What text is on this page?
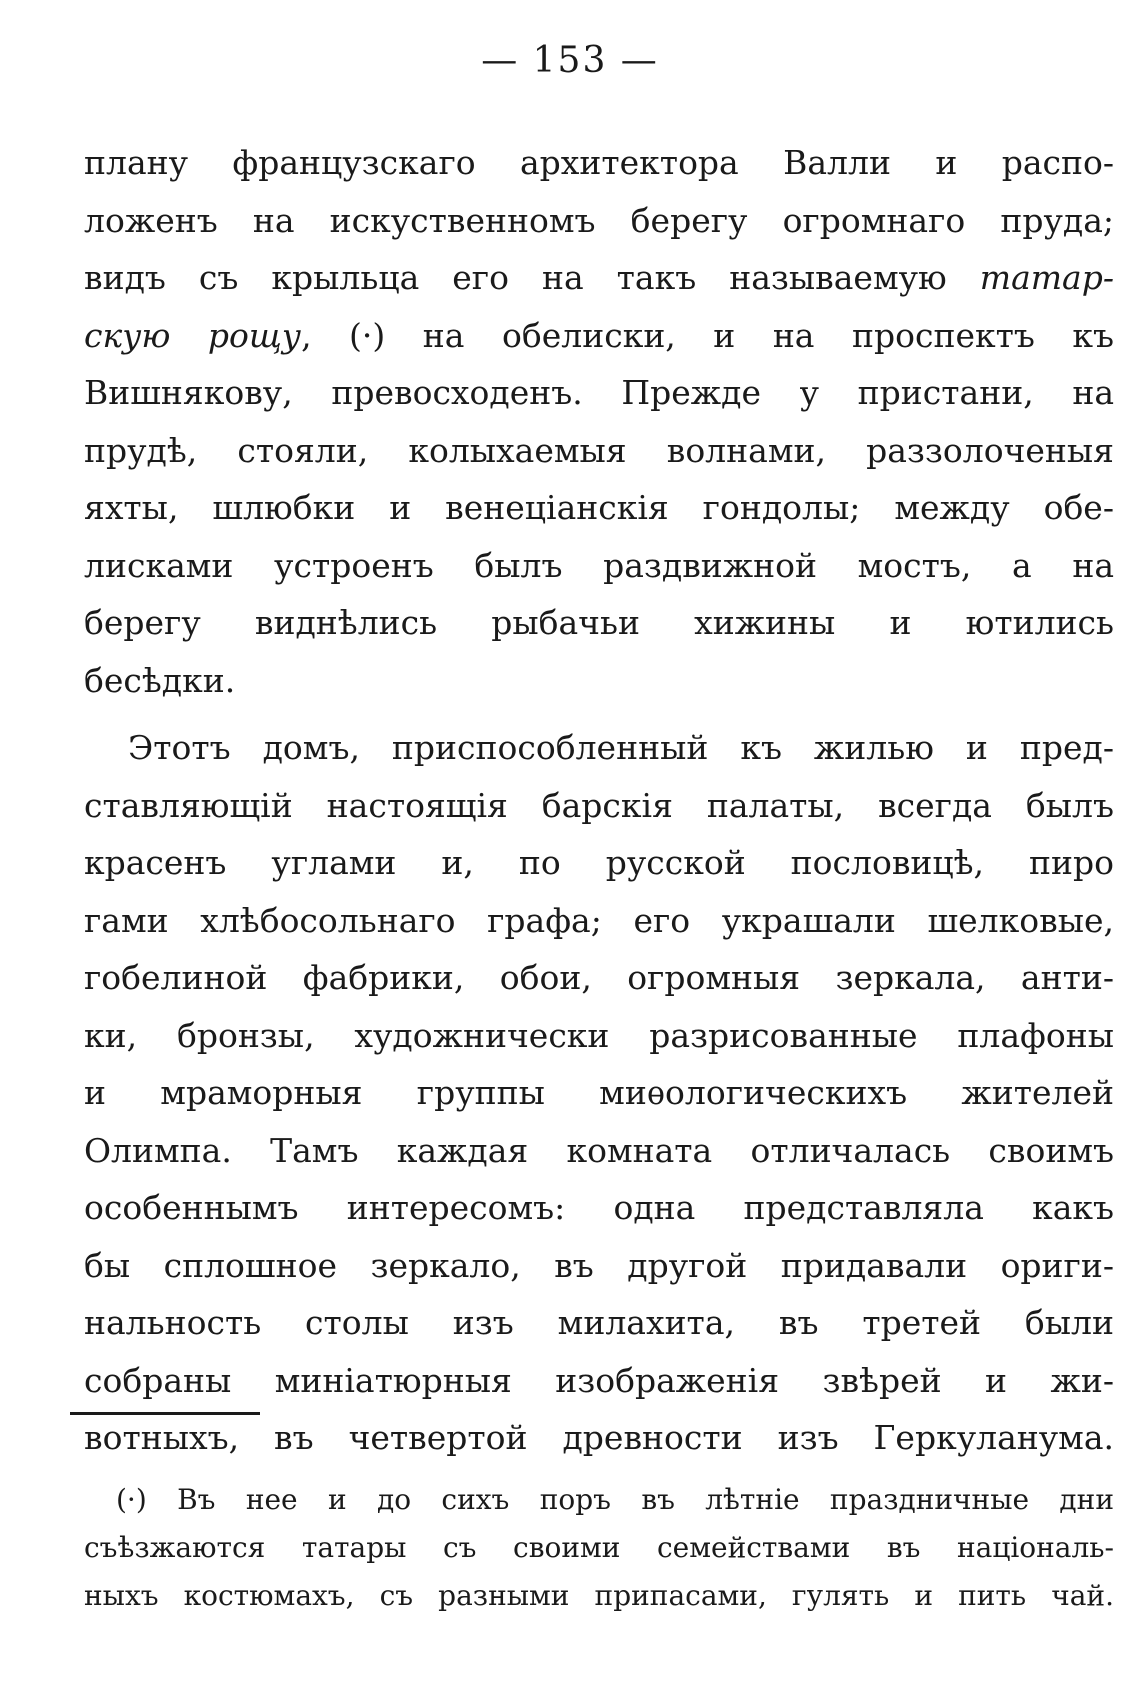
— 153 —
плану французскаго архитектора Валли и распо-
ложенъ на искуственномъ берегу огромнаго пруда;
видъ съ крыльца его на такъ называемую татар-
скую рощу, (·) на обелиски, и на проспектъ къ
Вишнякову, превосходенъ. Прежде у пристани, на
прудѣ, стояли, колыхаемыя волнами, раззолоченыя
яхты, шлюбки и венеціанскія гондолы; между обе-
лисками устроенъ былъ раздвижной мостъ, а на
берегу виднѣлись рыбачьи хижины и ютились
бесѣдки.
Этотъ домъ, приспособленный къ жилью и пред-
ставляющій настоящія барскія палаты, всегда былъ
красенъ углами и, по русской пословицѣ, пиро
гами хлѣбосольнаго графа; его украшали шелковые,
гобелиной фабрики, обои, огромныя зеркала, анти-
ки, бронзы, художнически разрисованные плафоны
и мраморныя группы миѳологическихъ жителей
Олимпа. Тамъ каждая комната отличалась своимъ
особеннымъ интересомъ: одна представляла какъ
бы сплошное зеркало, въ другой придавали ориги-
нальность столы изъ милахита, въ третей были
собраны миніатюрныя изображенія звѣрей и жи-
вотныхъ, въ четвертой древности изъ Геркуланума.
(·) Въ нее и до сихъ поръ въ лѣтніе праздничные дни
съѣзжаются татары съ своими семействами въ національ-
ныхъ костюмахъ, съ разными припасами, гулять и пить чай.
